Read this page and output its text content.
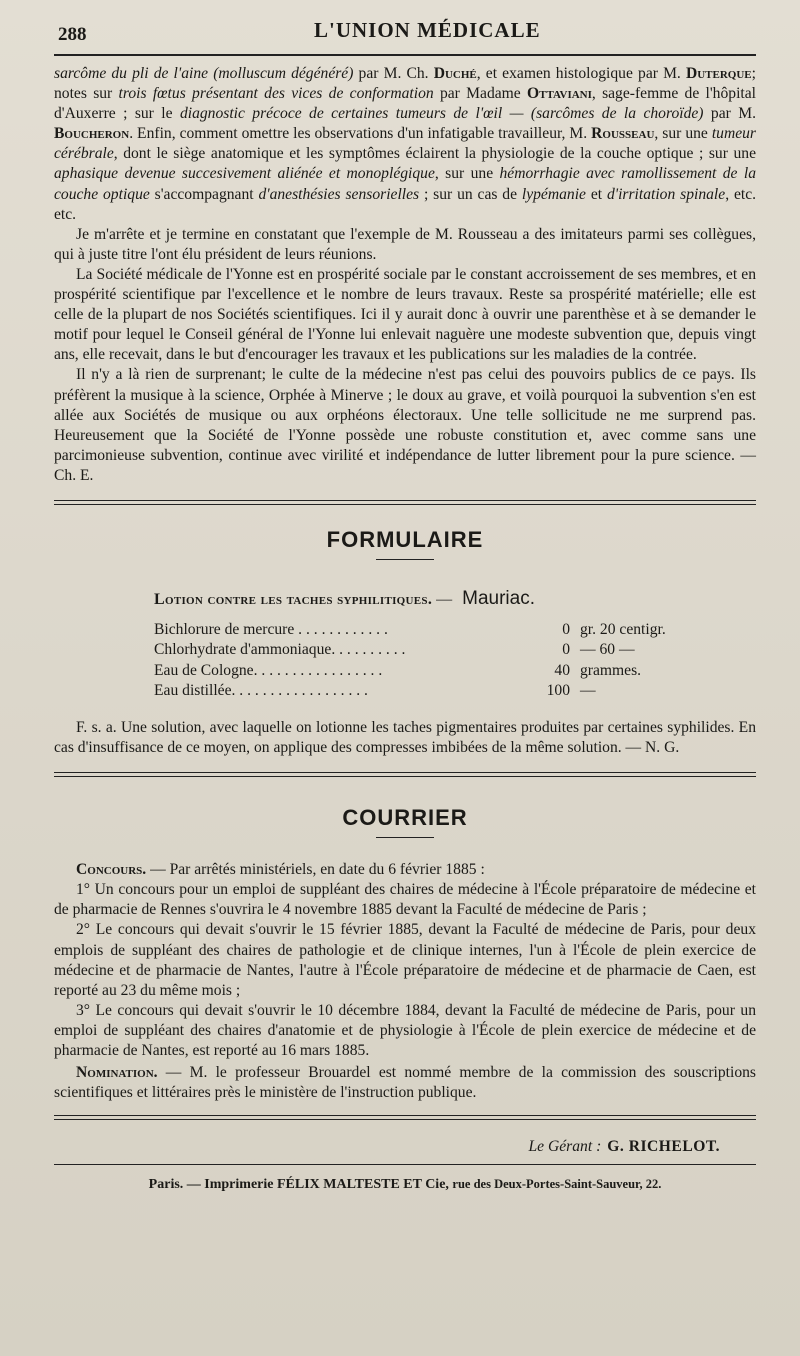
288	L'UNION MÉDICALE

sarcôme du pli de l'aine (molluscum dégénéré) par M. Ch. Duché, et examen histologique par M. Duterque; notes sur trois fœtus présentant des vices de conformation par Madame Ottaviani, sage-femme de l'hôpital d'Auxerre ; sur le diagnostic précoce de certaines tumeurs de l'œil — (sarcômes de la choroïde) par M. Boucheron. Enfin, comment omettre les observations d'un infatigable travailleur, M. Rousseau, sur une tumeur cérébrale, dont le siège anatomique et les symptômes éclairent la physiologie de la couche optique ; sur une aphasique devenue succesivement aliénée et monoplégique, sur une hémorrhagie avec ramollissement de la couche optique s'accompagnant d'anesthésies sensorielles ; sur un cas de lypémanie et d'irritation spinale, etc. etc.

Je m'arrête et je termine en constatant que l'exemple de M. Rousseau a des imitateurs parmi ses collègues, qui à juste titre l'ont élu président de leurs réunions.

La Société médicale de l'Yonne est en prospérité sociale par le constant accroissement de ses membres, et en prospérité scientifique par l'excellence et le nombre de leurs travaux. Reste sa prospérité matérielle; elle est celle de la plupart de nos Sociétés scientifiques. Ici il y aurait donc à ouvrir une parenthèse et à se demander le motif pour lequel le Conseil général de l'Yonne lui enlevait naguère une modeste subvention que, depuis vingt ans, elle recevait, dans le but d'encourager les travaux et les publications sur les maladies de la contrée.

Il n'y a là rien de surprenant; le culte de la médecine n'est pas celui des pouvoirs publics de ce pays. Ils préfèrent la musique à la science, Orphée à Minerve ; le doux au grave, et voilà pourquoi la subvention s'en est allée aux Sociétés de musique ou aux orphéons électoraux. Une telle sollicitude ne me surprend pas. Heureusement que la Société de l'Yonne possède une robuste constitution et, avec comme sans une parcimonieuse subvention, continue avec virilité et indépendance de lutter librement pour la pure science. — Ch. E.

FORMULAIRE
Lotion contre les taches syphilitiques. — Mauriac.
Bichlorure de mercure . . . . . . . . . . . .	0 gr. 20 centigr.
Chlorhydrate d'ammoniaque. . . . . . . . . .	0 — 60 —
Eau de Cologne. . . . . . . . . . . . . . . . .	40 grammes.
Eau distillée. . . . . . . . . . . . . . . . . .	100 —

F. s. a. Une solution, avec laquelle on lotionne les taches pigmentaires produites par certaines syphilides. En cas d'insuffisance de ce moyen, on applique des compresses imbibées de la même solution. — N. G.

COURRIER

Concours. — Par arrêtés ministériels, en date du 6 février 1885 :

1° Un concours pour un emploi de suppléant des chaires de médecine à l'École préparatoire de médecine et de pharmacie de Rennes s'ouvrira le 4 novembre 1885 devant la Faculté de médecine de Paris ;

2° Le concours qui devait s'ouvrir le 15 février 1885, devant la Faculté de médecine de Paris, pour deux emplois de suppléant des chaires de pathologie et de clinique internes, l'un à l'École de plein exercice de médecine et de pharmacie de Nantes, l'autre à l'École préparatoire de médecine et de pharmacie de Caen, est reporté au 23 du même mois ;

3° Le concours qui devait s'ouvrir le 10 décembre 1884, devant la Faculté de médecine de Paris, pour un emploi de suppléant des chaires d'anatomie et de physiologie à l'École de plein exercice de médecine et de pharmacie de Nantes, est reporté au 16 mars 1885.

Nomination. — M. le professeur Brouardel est nommé membre de la commission des souscriptions scientifiques et littéraires près le ministère de l'instruction publique.

Le Gérant : G. RICHELOT.
Paris. — Imprimerie FÉLIX MALTESTE ET Cie, rue des Deux-Portes-Saint-Sauveur, 22.
